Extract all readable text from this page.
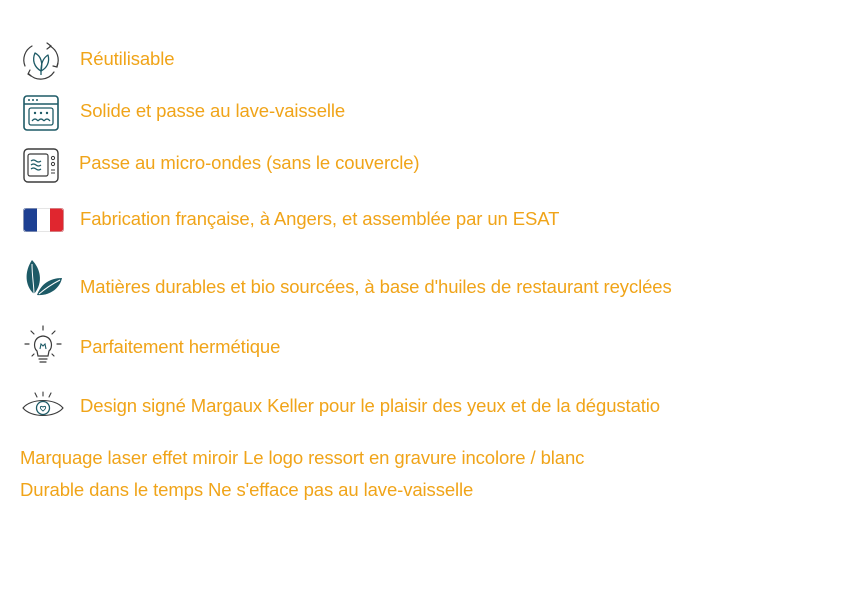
Réutilisable
Solide et passe au lave-vaisselle
Passe au micro-ondes (sans le couvercle)
Fabrication française, à Angers, et assemblée par un ESAT
Matières durables et bio sourcées, à base d'huiles de restaurant reyclées
Parfaitement hermétique
Design signé Margaux Keller pour le plaisir des yeux et de la dégustatio
Marquage laser effet miroir Le logo ressort en gravure incolore / blanc
Durable dans le temps Ne s'efface pas au lave-vaisselle
